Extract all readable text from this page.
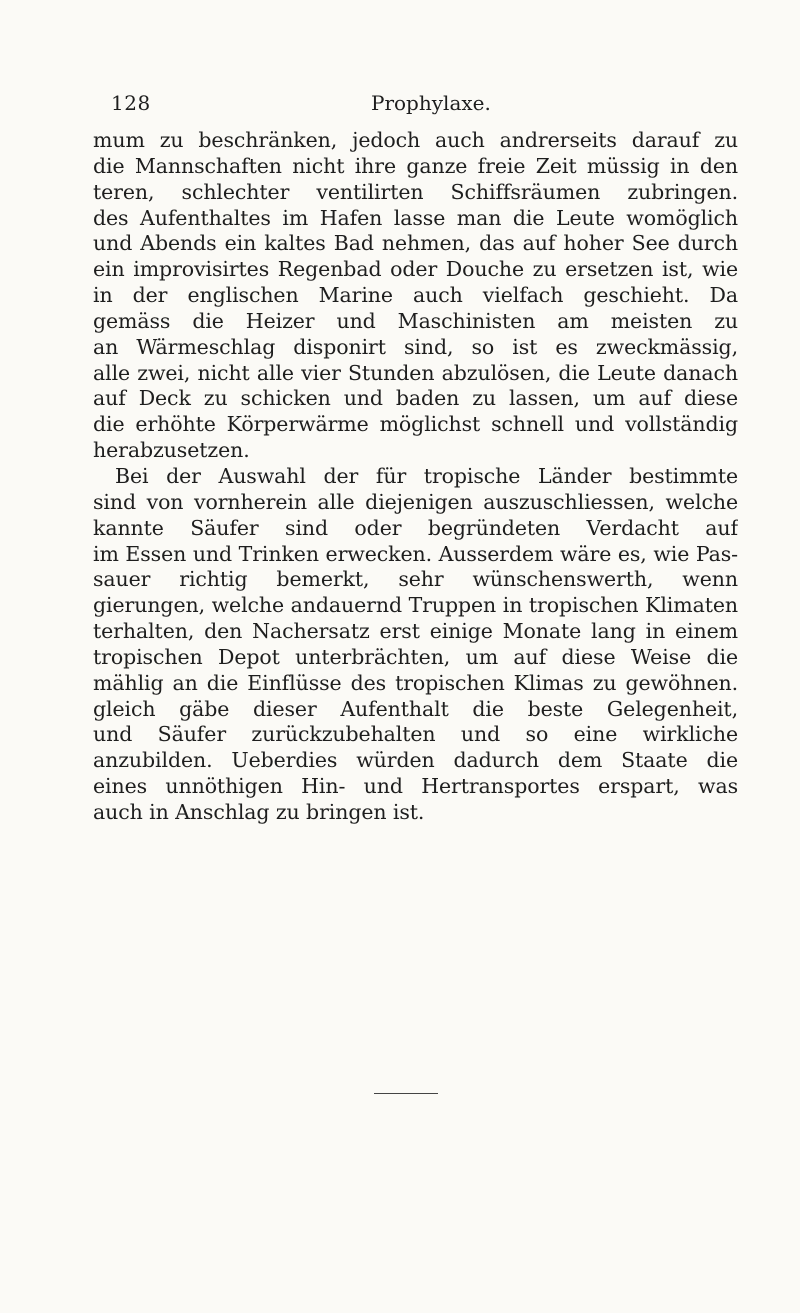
128	Prophylaxe.
mum zu beschränken, jedoch auch andrerseits darauf zu
die Mannschaften nicht ihre ganze freie Zeit müssig in den
teren, schlechter ventilirten Schiffsräumen zubringen.
des Aufenthaltes im Hafen lasse man die Leute womöglich
und Abends ein kaltes Bad nehmen, das auf hoher See durch
ein improvisirtes Regenbad oder Douche zu ersetzen ist, wie
in der englischen Marine auch vielfach geschieht. Da
gemäss die Heizer und Maschinisten am meisten zu
an Wärmeschlag disponirt sind, so ist es zweckmässig,
alle zwei, nicht alle vier Stunden abzulösen, die Leute danach
auf Deck zu schicken und baden zu lassen, um auf diese
die erhöhte Körperwärme möglichst schnell und vollständig
herabzusetzen.
Bei der Auswahl der für tropische Länder bestimmte
sind von vornherein alle diejenigen auszuschliessen, welche
kannte Säufer sind oder begründeten Verdacht auf
im Essen und Trinken erwecken. Ausserdem wäre es, wie Pas-
sauer richtig bemerkt, sehr wünschenswerth, wenn
gierungen, welche andauernd Truppen in tropischen Klimaten
terhalten, den Nachersatz erst einige Monate lang in einem
tropischen Depot unterbrächten, um auf diese Weise die
mählig an die Einflüsse des tropischen Klimas zu gewöhnen.
gleich gäbe dieser Aufenthalt die beste Gelegenheit,
und Säufer zurückzubehalten und so eine wirkliche
anzubilden. Ueberdies würden dadurch dem Staate die
eines unnöthigen Hin- und Hertransportes erspart, was
auch in Anschlag zu bringen ist.
